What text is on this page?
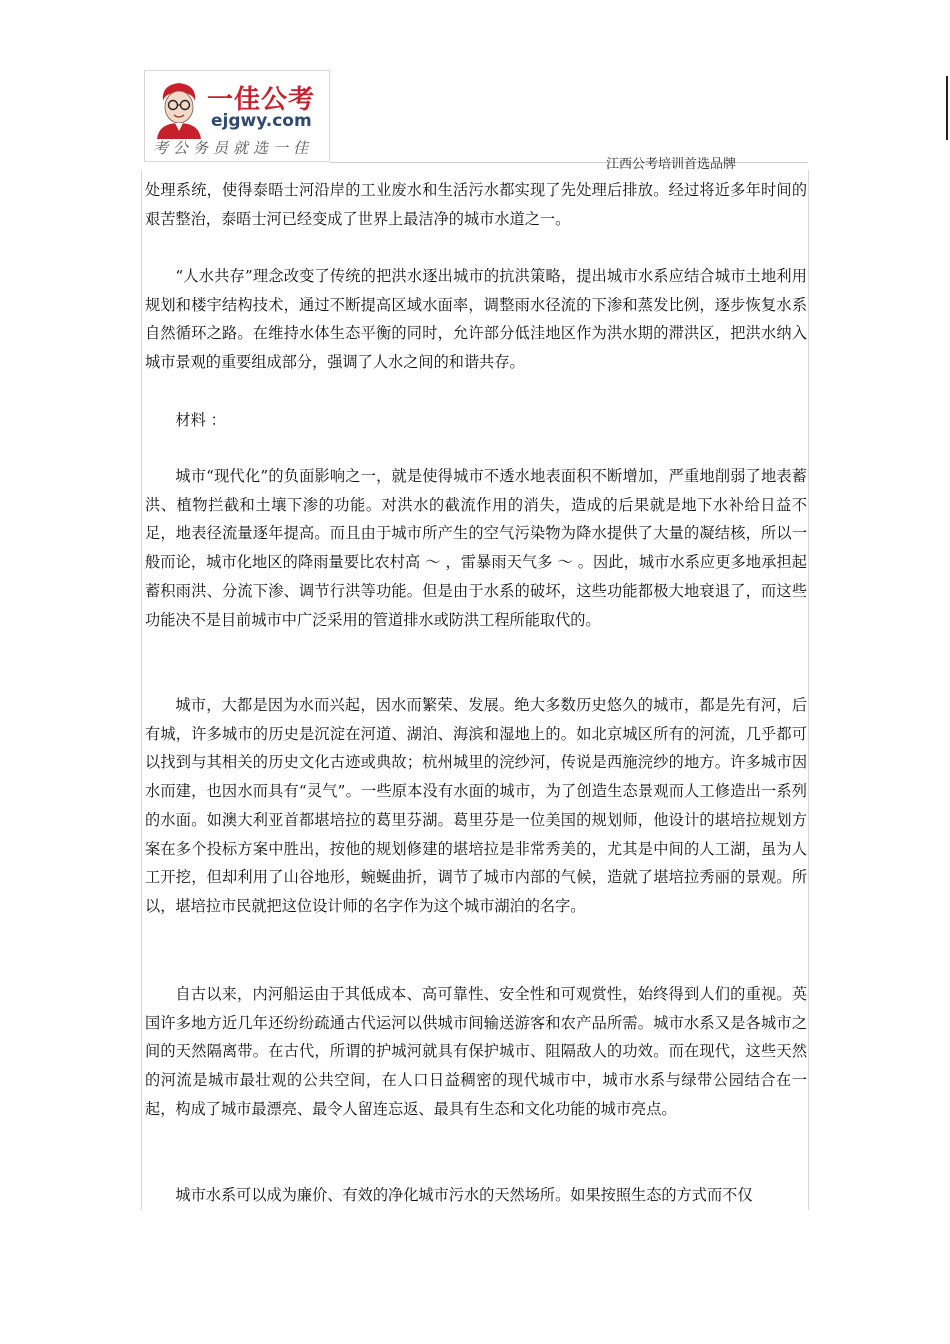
一佳公考
ejgwy.com
考公务员就选一佳
江西公考培训首选品牌

处理系统，使得泰晤士河沿岸的工业废水和生活污水都实现了先处理后排放。经过将近多年时间的艰苦整治，泰晤士河已经变成了世界上最洁净的城市水道之一。

“人水共存”理念改变了传统的把洪水逐出城市的抗洪策略，提出城市水系应结合城市土地利用规划和楼宇结构技术，通过不断提高区域水面率，调整雨水径流的下渗和蒸发比例，逐步恢复水系自然循环之路。在维持水体生态平衡的同时，允许部分低洼地区作为洪水期的滞洪区，把洪水纳入城市景观的重要组成部分，强调了人水之间的和谐共存。

材料 ：

城市“现代化”的负面影响之一，就是使得城市不透水地表面积不断增加，严重地削弱了地表蓄洪、植物拦截和土壤下渗的功能。对洪水的截流作用的消失，造成的后果就是地下水补给日益不足，地表径流量逐年提高。而且由于城市所产生的空气污染物为降水提供了大量的凝结核，所以一般而论，城市化地区的降雨量要比农村高 ～ ，雷暴雨天气多 ～ 。因此，城市水系应更多地承担起蓄积雨洪、分流下渗、调节行洪等功能。但是由于水系的破坏，这些功能都极大地衰退了，而这些功能决不是目前城市中广泛采用的管道排水或防洪工程所能取代的。

城市，大都是因为水而兴起，因水而繁荣、发展。绝大多数历史悠久的城市，都是先有河，后有城，许多城市的历史是沉淀在河道、湖泊、海滨和湿地上的。如北京城区所有的河流，几乎都可以找到与其相关的历史文化古迹或典故；杭州城里的浣纱河，传说是西施浣纱的地方。许多城市因水而建，也因水而具有“灵气”。一些原本没有水面的城市，为了创造生态景观而人工修造出一系列的水面。如澳大利亚首都堪培拉的葛里芬湖。葛里芬是一位美国的规划师，他设计的堪培拉规划方案在多个投标方案中胜出，按他的规划修建的堪培拉是非常秀美的，尤其是中间的人工湖，虽为人工开挖，但却利用了山谷地形，蜿蜒曲折，调节了城市内部的气候，造就了堪培拉秀丽的景观。所以，堪培拉市民就把这位设计师的名字作为这个城市湖泊的名字。

自古以来，内河船运由于其低成本、高可靠性、安全性和可观赏性，始终得到人们的重视。英国许多地方近几年还纷纷疏通古代运河以供城市间输送游客和农产品所需。城市水系又是各城市之间的天然隔离带。在古代，所谓的护城河就具有保护城市、阻隔敌人的功效。而在现代，这些天然的河流是城市最壮观的公共空间，在人口日益稠密的现代城市中，城市水系与绿带公园结合在一起，构成了城市最漂亮、最令人留连忘返、最具有生态和文化功能的城市亮点。

城市水系可以成为廉价、有效的净化城市污水的天然场所。如果按照生态的方式而不仅
